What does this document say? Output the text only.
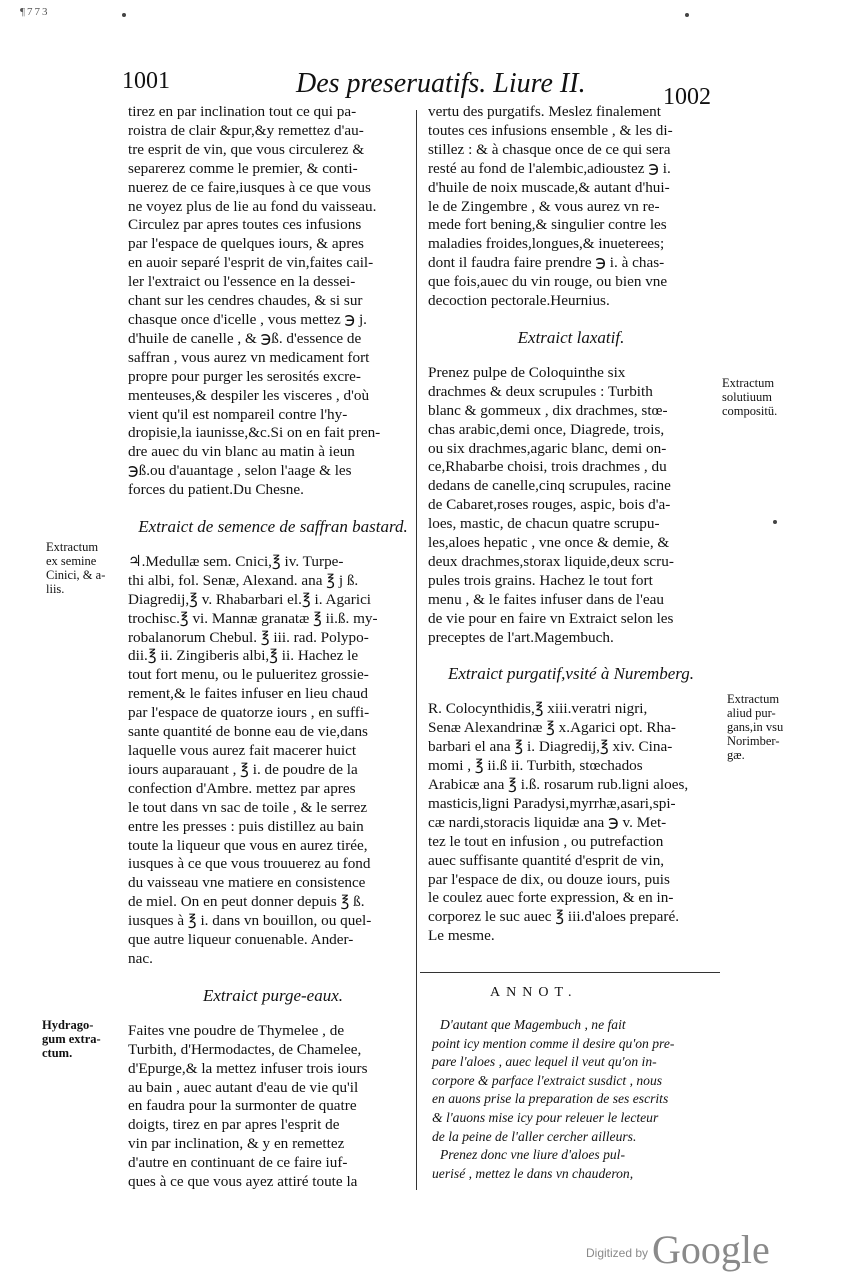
¶773
1001	Des preseruatifs. Liure II.	1002

tirez en par inclination tout ce qui pa-

roistra de clair &pur,&y remettez d'au-

tre esprit de vin, que vous circulerez &

separerez comme le premier, & conti-

nuerez de ce faire,iusques à ce que vous

ne voyez plus de lie au fond du vaisseau.

Circulez par apres toutes ces infusions

par l'espace de quelques iours, & apres

en auoir separé l'esprit de vin,faites cail-

ler l'extraict ou l'essence en la dessei-

chant sur les cendres chaudes, & si sur

chasque once d'icelle , vous mettez ℈ j.

d'huile de canelle , & ℈ß. d'essence de

saffran , vous aurez vn medicament fort

propre pour purger les serosités excre-

menteuses,& despiler les visceres , d'où

vient qu'il est nompareil contre l'hy-

dropisie,la iaunisse,&c.Si on en fait pren-

dre auec du vin blanc au matin à ieun

℈ß.ou d'auantage , selon l'aage & les

forces du patient.Du Chesne.

Extraict de semence de saffran bastard.

♃.Medullæ sem. Cnici,℥ iv. Turpe-

thi albi, fol. Senæ, Alexand. ana ℥ j ß.

Diagredij,℥ v. Rhabarbari el.℥ i. Agarici

trochisc.℥ vi. Mannæ granatæ ℥ ii.ß. my-

robalanorum Chebul. ℥ iii. rad. Polypo-

dii.℥ ii. Zingiberis albi,℥ ii. Hachez le

tout fort menu, ou le pulueritez grossie-

rement,& le faites infuser en lieu chaud

par l'espace de quatorze iours , en suffi-

sante quantité de bonne eau de vie,dans

laquelle vous aurez fait macerer huict

iours auparauant , ℥ i. de poudre de la

confection d'Ambre. mettez par apres

le tout dans vn sac de toile , & le serrez

entre les presses : puis distillez au bain

toute la liqueur que vous en aurez tirée,

iusques à ce que vous trouuerez au fond

du vaisseau vne matiere en consistence

de miel. On en peut donner depuis ℥ ß.

iusques à ℥ i. dans vn bouillon, ou quel-

que autre liqueur conuenable. Ander-

nac.

Extraict purge-eaux.

Faites vne poudre de Thymelee , de

Turbith, d'Hermodactes, de Chamelee,

d'Epurge,& la mettez infuser trois iours

au bain , auec autant d'eau de vie qu'il

en faudra pour la surmonter de quatre

doigts, tirez en par apres l'esprit de

vin par inclination, & y en remettez

d'autre en continuant de ce faire iuf-

ques à ce que vous ayez attiré toute la

Extractum
ex semine
Cinici, & a-
liis.
Hydrago-
gum extra-
ctum.

vertu des purgatifs. Meslez finalement

toutes ces infusions ensemble , & les di-

stillez : & à chasque once de ce qui sera

resté au fond de l'alembic,adioustez ℈ i.

d'huile de noix muscade,& autant d'hui-

le de Zingembre , & vous aurez vn re-

mede fort bening,& singulier contre les

maladies froides,longues,& inueterees;

dont il faudra faire prendre ℈ i. à chas-

que fois,auec du vin rouge, ou bien vne

decoction pectorale.Heurnius.

Extraict laxatif.

Prenez pulpe de Coloquinthe six

drachmes & deux scrupules : Turbith

blanc & gommeux , dix drachmes, stœ-

chas arabic,demi once, Diagrede, trois,

ou six drachmes,agaric blanc, demi on-

ce,Rhabarbe choisi, trois drachmes , du

dedans de canelle,cinq scrupules, racine

de Cabaret,roses rouges, aspic, bois d'a-

loes, mastic, de chacun quatre scrupu-

les,aloes hepatic , vne once & demie, &

deux drachmes,storax liquide,deux scru-

pules trois grains. Hachez le tout fort

menu , & le faites infuser dans de l'eau

de vie pour en faire vn Extraict selon les

preceptes de l'art.Magembuch.

Extraict purgatif,vsité à Nuremberg.

R. Colocynthidis,℥ xiii.veratri nigri,

Senæ Alexandrinæ ℥ x.Agarici opt. Rha-

barbari el ana ℥ i. Diagredij,℥ xiv. Cina-

momi , ℥ ii.ß ii. Turbith, stœchados

Arabicæ ana ℥ i.ß. rosarum rub.ligni aloes,

masticis,ligni Paradysi,myrrhæ,asari,spi-

cæ nardi,storacis liquidæ ana ℈ v. Met-

tez le tout en infusion , ou putrefaction

auec suffisante quantité d'esprit de vin,

par l'espace de dix, ou douze iours, puis

le coulez auec forte expression, & en in-

corporez le suc auec ℥ iii.d'aloes preparé.

Le mesme.

Extractum
solutiuum
compositü.
Extractum
aliud pur-
gans,in vsu
Norimber-
gæ.
ANNOT.

D'autant que Magembuch , ne fait

point icy mention comme il desire qu'on pre-

pare l'aloes , auec lequel il veut qu'on in-

corpore & parface l'extraict susdict , nous

en auons prise la preparation de ses escrits

& l'auons mise icy pour releuer le lecteur

de la peine de l'aller cercher ailleurs.

Prenez donc vne liure d'aloes pul-

uerisé , mettez le dans vn chauderon,

$^{Digitized by}$ Google
